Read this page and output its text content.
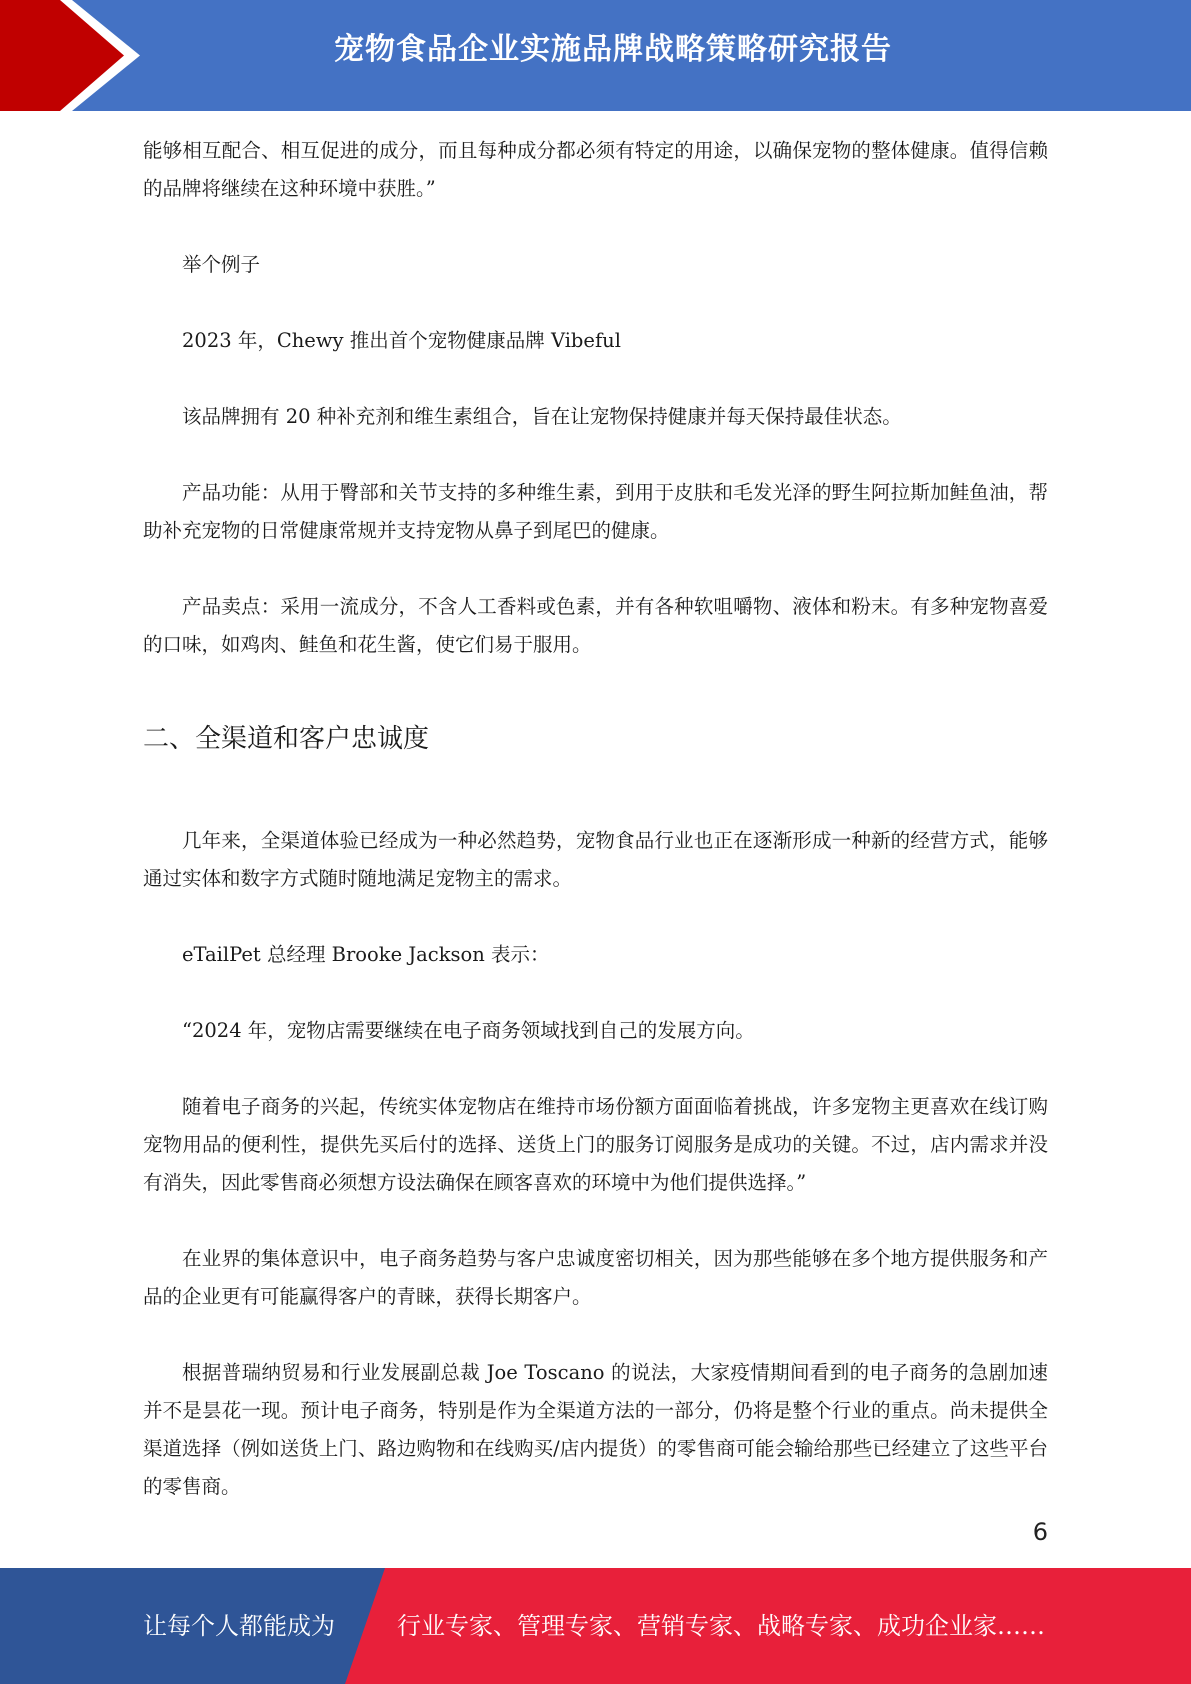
宠物食品企业实施品牌战略策略研究报告

能够相互配合、相互促进的成分，而且每种成分都必须有特定的用途，以确保宠物的整体健康。值得信赖的品牌将继续在这种环境中获胜。”

举个例子

2023 年，Chewy 推出首个宠物健康品牌 Vibeful

该品牌拥有 20 种补充剂和维生素组合，旨在让宠物保持健康并每天保持最佳状态。

产品功能：从用于臀部和关节支持的多种维生素，到用于皮肤和毛发光泽的野生阿拉斯加鲑鱼油，帮助补充宠物的日常健康常规并支持宠物从鼻子到尾巴的健康。

产品卖点：采用一流成分，不含人工香料或色素，并有各种软咀嚼物、液体和粉末。有多种宠物喜爱的口味，如鸡肉、鲑鱼和花生酱，使它们易于服用。

二、全渠道和客户忠诚度

几年来，全渠道体验已经成为一种必然趋势，宠物食品行业也正在逐渐形成一种新的经营方式，能够通过实体和数字方式随时随地满足宠物主的需求。

eTailPet 总经理 Brooke Jackson 表示：

“2024 年，宠物店需要继续在电子商务领域找到自己的发展方向。

随着电子商务的兴起，传统实体宠物店在维持市场份额方面面临着挑战，许多宠物主更喜欢在线订购宠物用品的便利性，提供先买后付的选择、送货上门的服务订阅服务是成功的关键。不过，店内需求并没有消失，因此零售商必须想方设法确保在顾客喜欢的环境中为他们提供选择。”

在业界的集体意识中，电子商务趋势与客户忠诚度密切相关，因为那些能够在多个地方提供服务和产品的企业更有可能赢得客户的青睐，获得长期客户。

根据普瑞纳贸易和行业发展副总裁 Joe Toscano 的说法，大家疫情期间看到的电子商务的急剧加速并不是昙花一现。预计电子商务，特别是作为全渠道方法的一部分，仍将是整个行业的重点。尚未提供全渠道选择（例如送货上门、路边购物和在线购买/店内提货）的零售商可能会输给那些已经建立了这些平台的零售商。

6
让每个人都能成为	行业专家、管理专家、营销专家、战略专家、成功企业家……
